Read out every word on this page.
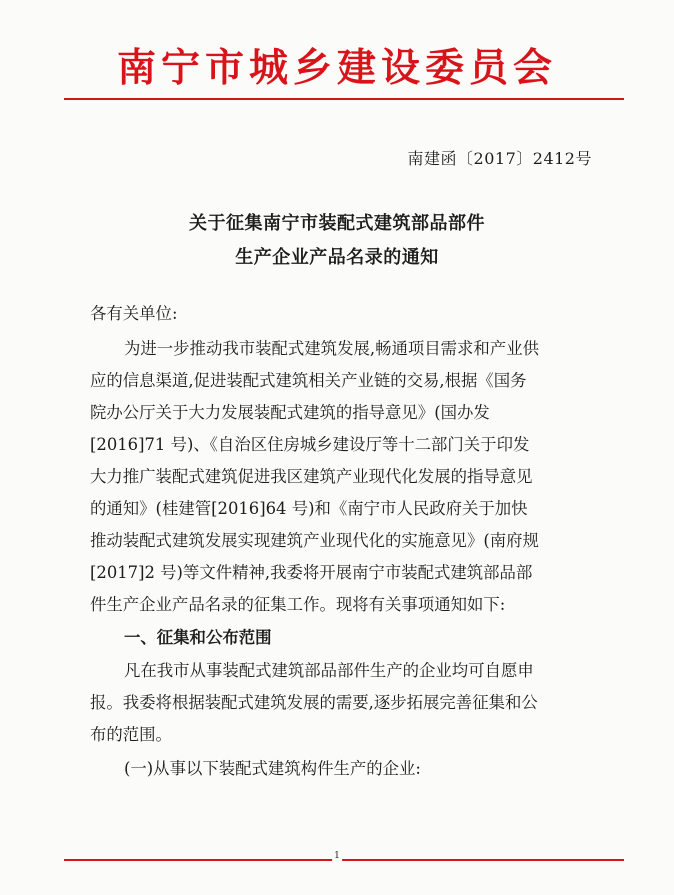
南宁市城乡建设委员会
南建函〔2017〕2412号
关于征集南宁市装配式建筑部品部件
生产企业产品名录的通知
各有关单位:
为进一步推动我市装配式建筑发展,畅通项目需求和产业供
应的信息渠道,促进装配式建筑相关产业链的交易,根据《国务
院办公厅关于大力发展装配式建筑的指导意见》(国办发
[2016]71 号)、《自治区住房城乡建设厅等十二部门关于印发
大力推广装配式建筑促进我区建筑产业现代化发展的指导意见
的通知》(桂建管[2016]64 号)和《南宁市人民政府关于加快
推动装配式建筑发展实现建筑产业现代化的实施意见》(南府规
[2017]2 号)等文件精神,我委将开展南宁市装配式建筑部品部
件生产企业产品名录的征集工作。现将有关事项通知如下:
一、征集和公布范围
凡在我市从事装配式建筑部品部件生产的企业均可自愿申
报。我委将根据装配式建筑发展的需要,逐步拓展完善征集和公
布的范围。
(一)从事以下装配式建筑构件生产的企业:
1
